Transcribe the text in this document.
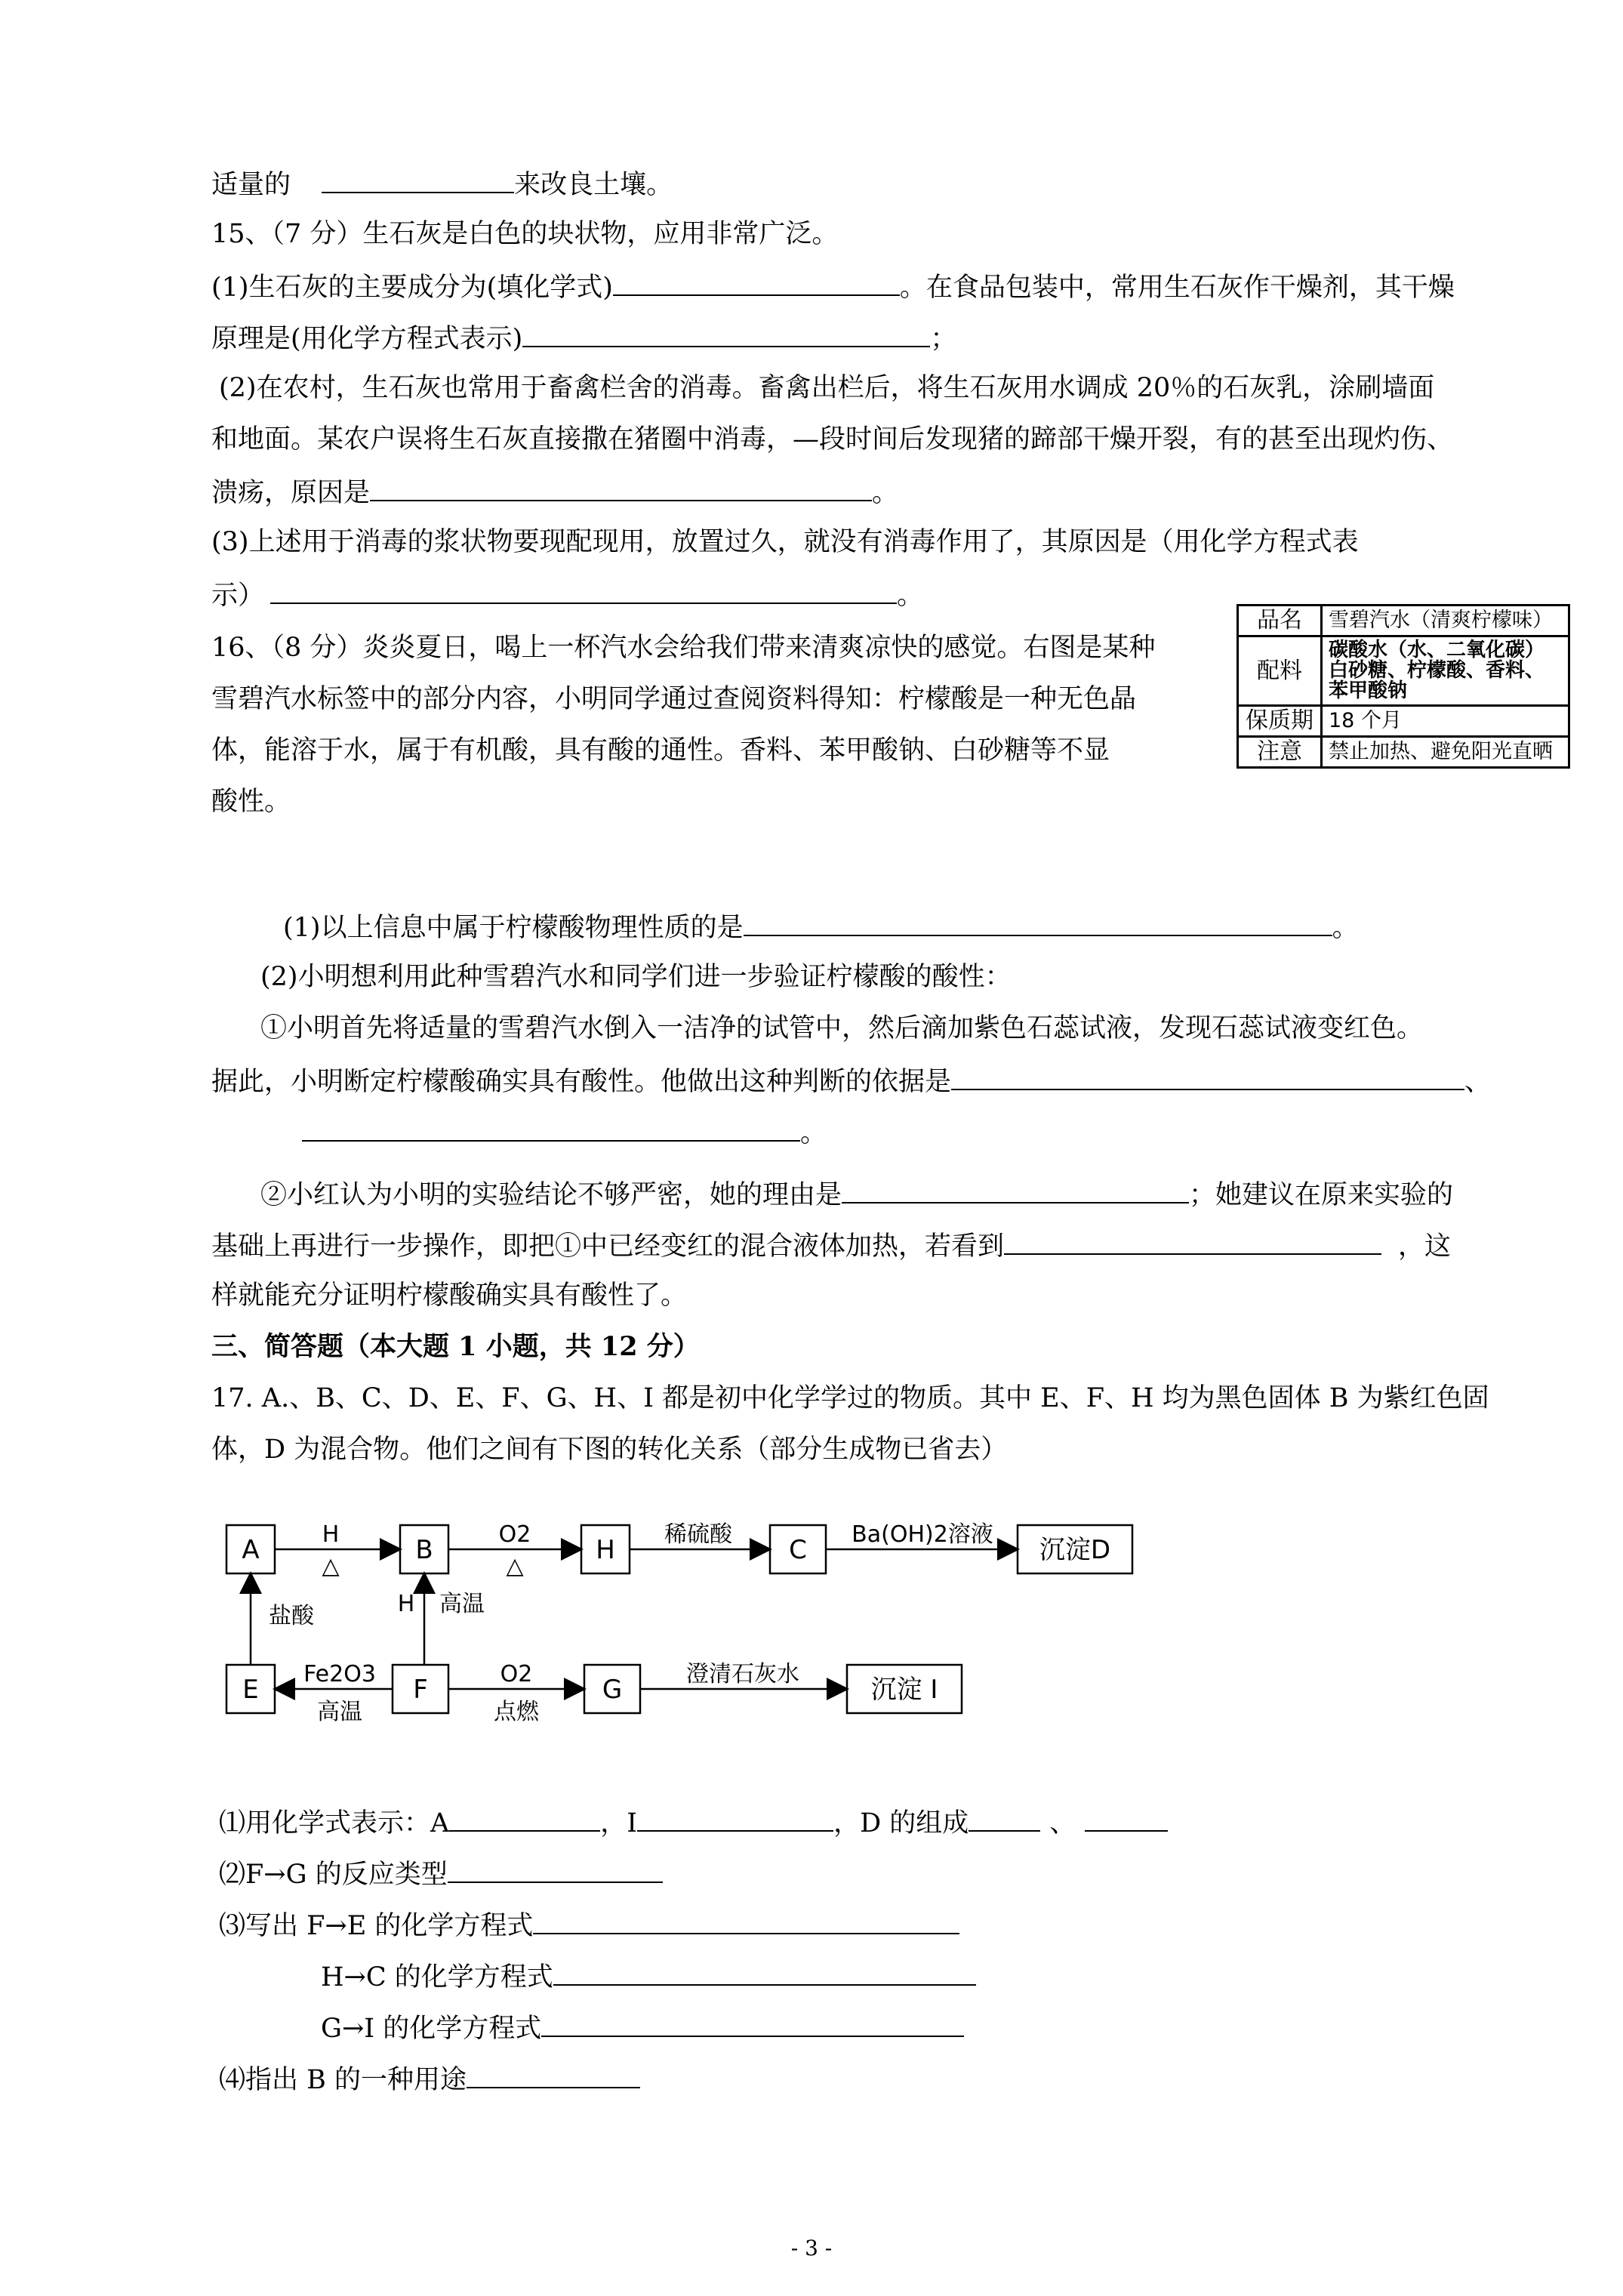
适量的	来改良土壤。
15、（7 分）生石灰是白色的块状物，应用非常广泛。
(1)生石灰的主要成分为(填化学式)	。在食品包装中，常用生石灰作干燥剂，其干燥
原理是(用化学方程式表示)	；
(2)在农村，生石灰也常用于畜禽栏舍的消毒。畜禽出栏后，将生石灰用水调成 20％的石灰乳，涂刷墙面
和地面。某农户误将生石灰直接撒在猪圈中消毒，—段时间后发现猪的蹄部干燥开裂，有的甚至出现灼伤、
溃疡，原因是	。
(3)上述用于消毒的浆状物要现配现用，放置过久，就没有消毒作用了，其原因是（用化学方程式表
示）	。
16、（8 分）炎炎夏日，喝上一杯汽水会给我们带来清爽凉快的感觉。右图是某种
雪碧汽水标签中的部分内容，小明同学通过查阅资料得知：柠檬酸是一种无色晶
体，能溶于水，属于有机酸，具有酸的通性。香料、苯甲酸钠、白砂糖等不显
酸性。
品名	雪碧汽水（清爽柠檬味）
配料	碳酸水（水、二氧化碳）白砂糖、柠檬酸、香料、苯甲酸钠
保质期	18 个月
注意	禁止加热、避免阳光直晒
(1)以上信息中属于柠檬酸物理性质的是	。
(2)小明想利用此种雪碧汽水和同学们进一步验证柠檬酸的酸性：
①小明首先将适量的雪碧汽水倒入一洁净的试管中，然后滴加紫色石蕊试液，发现石蕊试液变红色。
据此，小明断定柠檬酸确实具有酸性。他做出这种判断的依据是	、
。
②小红认为小明的实验结论不够严密，她的理由是	；她建议在原来实验的
基础上再进行一步操作，即把①中已经变红的混合液体加热，若看到	，这
样就能充分证明柠檬酸确实具有酸性了。
三、简答题（本大题 1 小题，共 12 分）
17. A.、B、C、D、E、F、G、H、I 都是初中化学学过的物质。其中 E、F、H 均为黑色固体 B 为紫红色固
体，D 为混合物。他们之间有下图的转化关系（部分生成物已省去）
A	B	H	C	沉淀D
E	F	G	沉淀 I
H
△
O2
△
稀硫酸	Ba(OH)2溶液
盐酸	H 高温
Fe2O3
高温
O2
点燃
澄清石灰水
⑴用化学式表示：A	，I	，D 的组成	、
⑵F→G 的反应类型
⑶写出 F→E 的化学方程式
H→C 的化学方程式
G→I 的化学方程式
⑷指出 B 的一种用途
- 3 -
